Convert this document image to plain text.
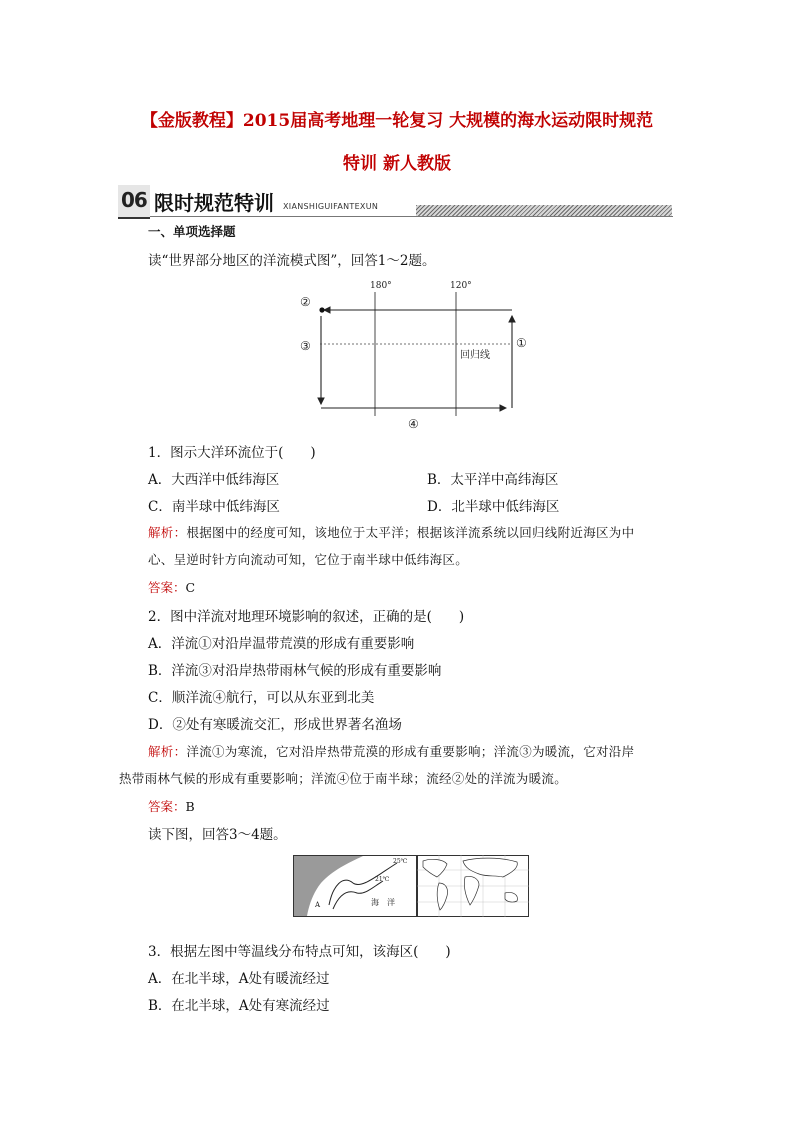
【金版教程】2015届高考地理一轮复习 大规模的海水运动限时规范
特训 新人教版
06 限时规范特训 XIANSHIGUIFANTEXUN
一、单项选择题
读“世界部分地区的洋流模式图”，回答1～2题。
180°	120°
回归线
②
③	①
④
1．图示大洋环流位于(　　)
A．大西洋中低纬海区	B．太平洋中高纬海区
C．南半球中低纬海区	D．北半球中低纬海区
解析：根据图中的经度可知，该地位于太平洋；根据该洋流系统以回归线附近海区为中
心、呈逆时针方向流动可知，它位于南半球中低纬海区。
答案：C
2．图中洋流对地理环境影响的叙述，正确的是(　　)
A．洋流①对沿岸温带荒漠的形成有重要影响
B．洋流③对沿岸热带雨林气候的形成有重要影响
C．顺洋流④航行，可以从东亚到北美
D．②处有寒暖流交汇，形成世界著名渔场
解析：洋流①为寒流，它对沿岸热带荒漠的形成有重要影响；洋流③为暖流，它对沿岸
热带雨林气候的形成有重要影响；洋流④位于南半球；流经②处的洋流为暖流。
答案：B
读下图，回答3～4题。
25℃
21℃
A	海 洋
3．根据左图中等温线分布特点可知，该海区(　　)
A．在北半球，A处有暖流经过
B．在北半球，A处有寒流经过
